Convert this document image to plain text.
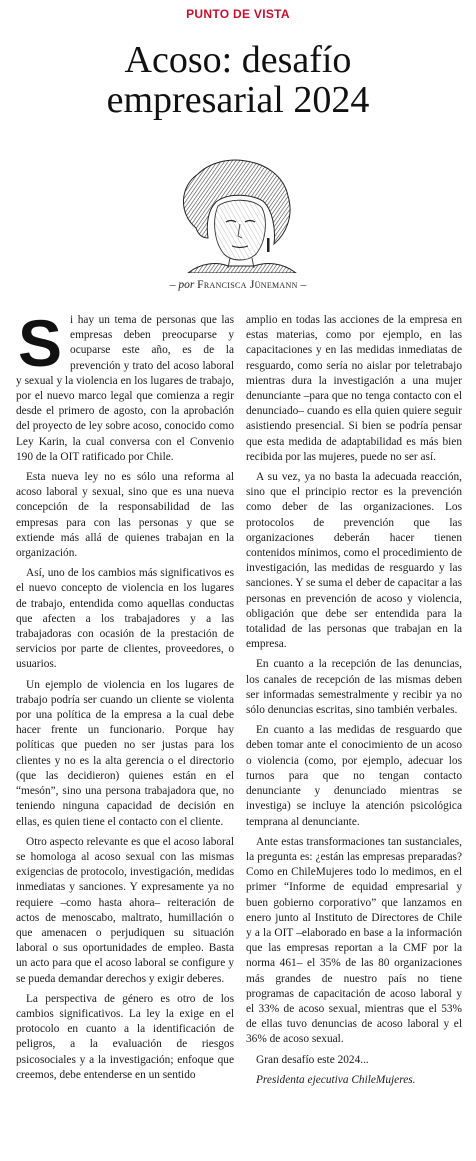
PUNTO DE VISTA
Acoso: desafío
empresarial 2024
– por Francisca Jünemann –

Si hay un tema de personas que las empresas deben preocuparse y ocuparse este año, es de la prevención y trato del acoso laboral y sexual y la violencia en los lugares de trabajo, por el nuevo marco legal que comienza a regir desde el primero de agosto, con la aprobación del proyecto de ley sobre acoso, conocido como Ley Karin, la cual conversa con el Convenio 190 de la OIT ratificado por Chile.

Esta nueva ley no es sólo una reforma al acoso laboral y sexual, sino que es una nueva concepción de la responsabilidad de las empresas para con las personas y que se extiende más allá de quienes trabajan en la organización.

Así, uno de los cambios más significativos es el nuevo concepto de violencia en los lugares de trabajo, entendida como aquellas conductas que afecten a los trabajadores y a las trabajadoras con ocasión de la prestación de servicios por parte de clientes, proveedores, o usuarios.

Un ejemplo de violencia en los lugares de trabajo podría ser cuando un cliente se violenta por una política de la empresa a la cual debe hacer frente un funcionario. Porque hay políticas que pueden no ser justas para los clientes y no es la alta gerencia o el directorio (que las decidieron) quienes están en el “mesón”, sino una persona trabajadora que, no teniendo ninguna capacidad de decisión en ellas, es quien tiene el contacto con el cliente.

Otro aspecto relevante es que el acoso laboral se homologa al acoso sexual con las mismas exigencias de protocolo, investigación, medidas inmediatas y sanciones. Y expresamente ya no requiere –como hasta ahora– reiteración de actos de menoscabo, maltrato, humillación o que amenacen o perjudiquen su situación laboral o sus oportunidades de empleo. Basta un acto para que el acoso laboral se configure y se pueda demandar derechos y exigir deberes.

La perspectiva de género es otro de los cambios significativos. La ley la exige en el protocolo en cuanto a la identificación de peligros, a la evaluación de riesgos psicosociales y a la investigación; enfoque que creemos, debe entenderse en un sentido

amplio en todas las acciones de la empresa en estas materias, como por ejemplo, en las capacitaciones y en las medidas inmediatas de resguardo, como sería no aislar por teletrabajo mientras dura la investigación a una mujer denunciante –para que no tenga contacto con el denunciado– cuando es ella quien quiere seguir asistiendo presencial. Si bien se podría pensar que esta medida de adaptabilidad es más bien recibida por las mujeres, puede no ser así.

A su vez, ya no basta la adecuada reacción, sino que el principio rector es la prevención como deber de las organizaciones. Los protocolos de prevención que las organizaciones deberán hacer tienen contenidos mínimos, como el procedimiento de investigación, las medidas de resguardo y las sanciones. Y se suma el deber de capacitar a las personas en prevención de acoso y violencia, obligación que debe ser entendida para la totalidad de las personas que trabajan en la empresa.

En cuanto a la recepción de las denuncias, los canales de recepción de las mismas deben ser informadas semestralmente y recibir ya no sólo denuncias escritas, sino también verbales.

En cuanto a las medidas de resguardo que deben tomar ante el conocimiento de un acoso o violencia (como, por ejemplo, adecuar los turnos para que no tengan contacto denunciante y denunciado mientras se investiga) se incluye la atención psicológica temprana al denunciante.

Ante estas transformaciones tan sustanciales, la pregunta es: ¿están las empresas preparadas? Como en ChileMujeres todo lo medimos, en el primer “Informe de equidad empresarial y buen gobierno corporativo” que lanzamos en enero junto al Instituto de Directores de Chile y a la OIT –elaborado en base a la información que las empresas reportan a la CMF por la norma 461– el 35% de las 80 organizaciones más grandes de nuestro país no tiene programas de capacitación de acoso laboral y el 33% de acoso sexual, mientras que el 53% de ellas tuvo denuncias de acoso laboral y el 36% de acoso sexual.

Gran desafío este 2024...

Presidenta ejecutiva ChileMujeres.
